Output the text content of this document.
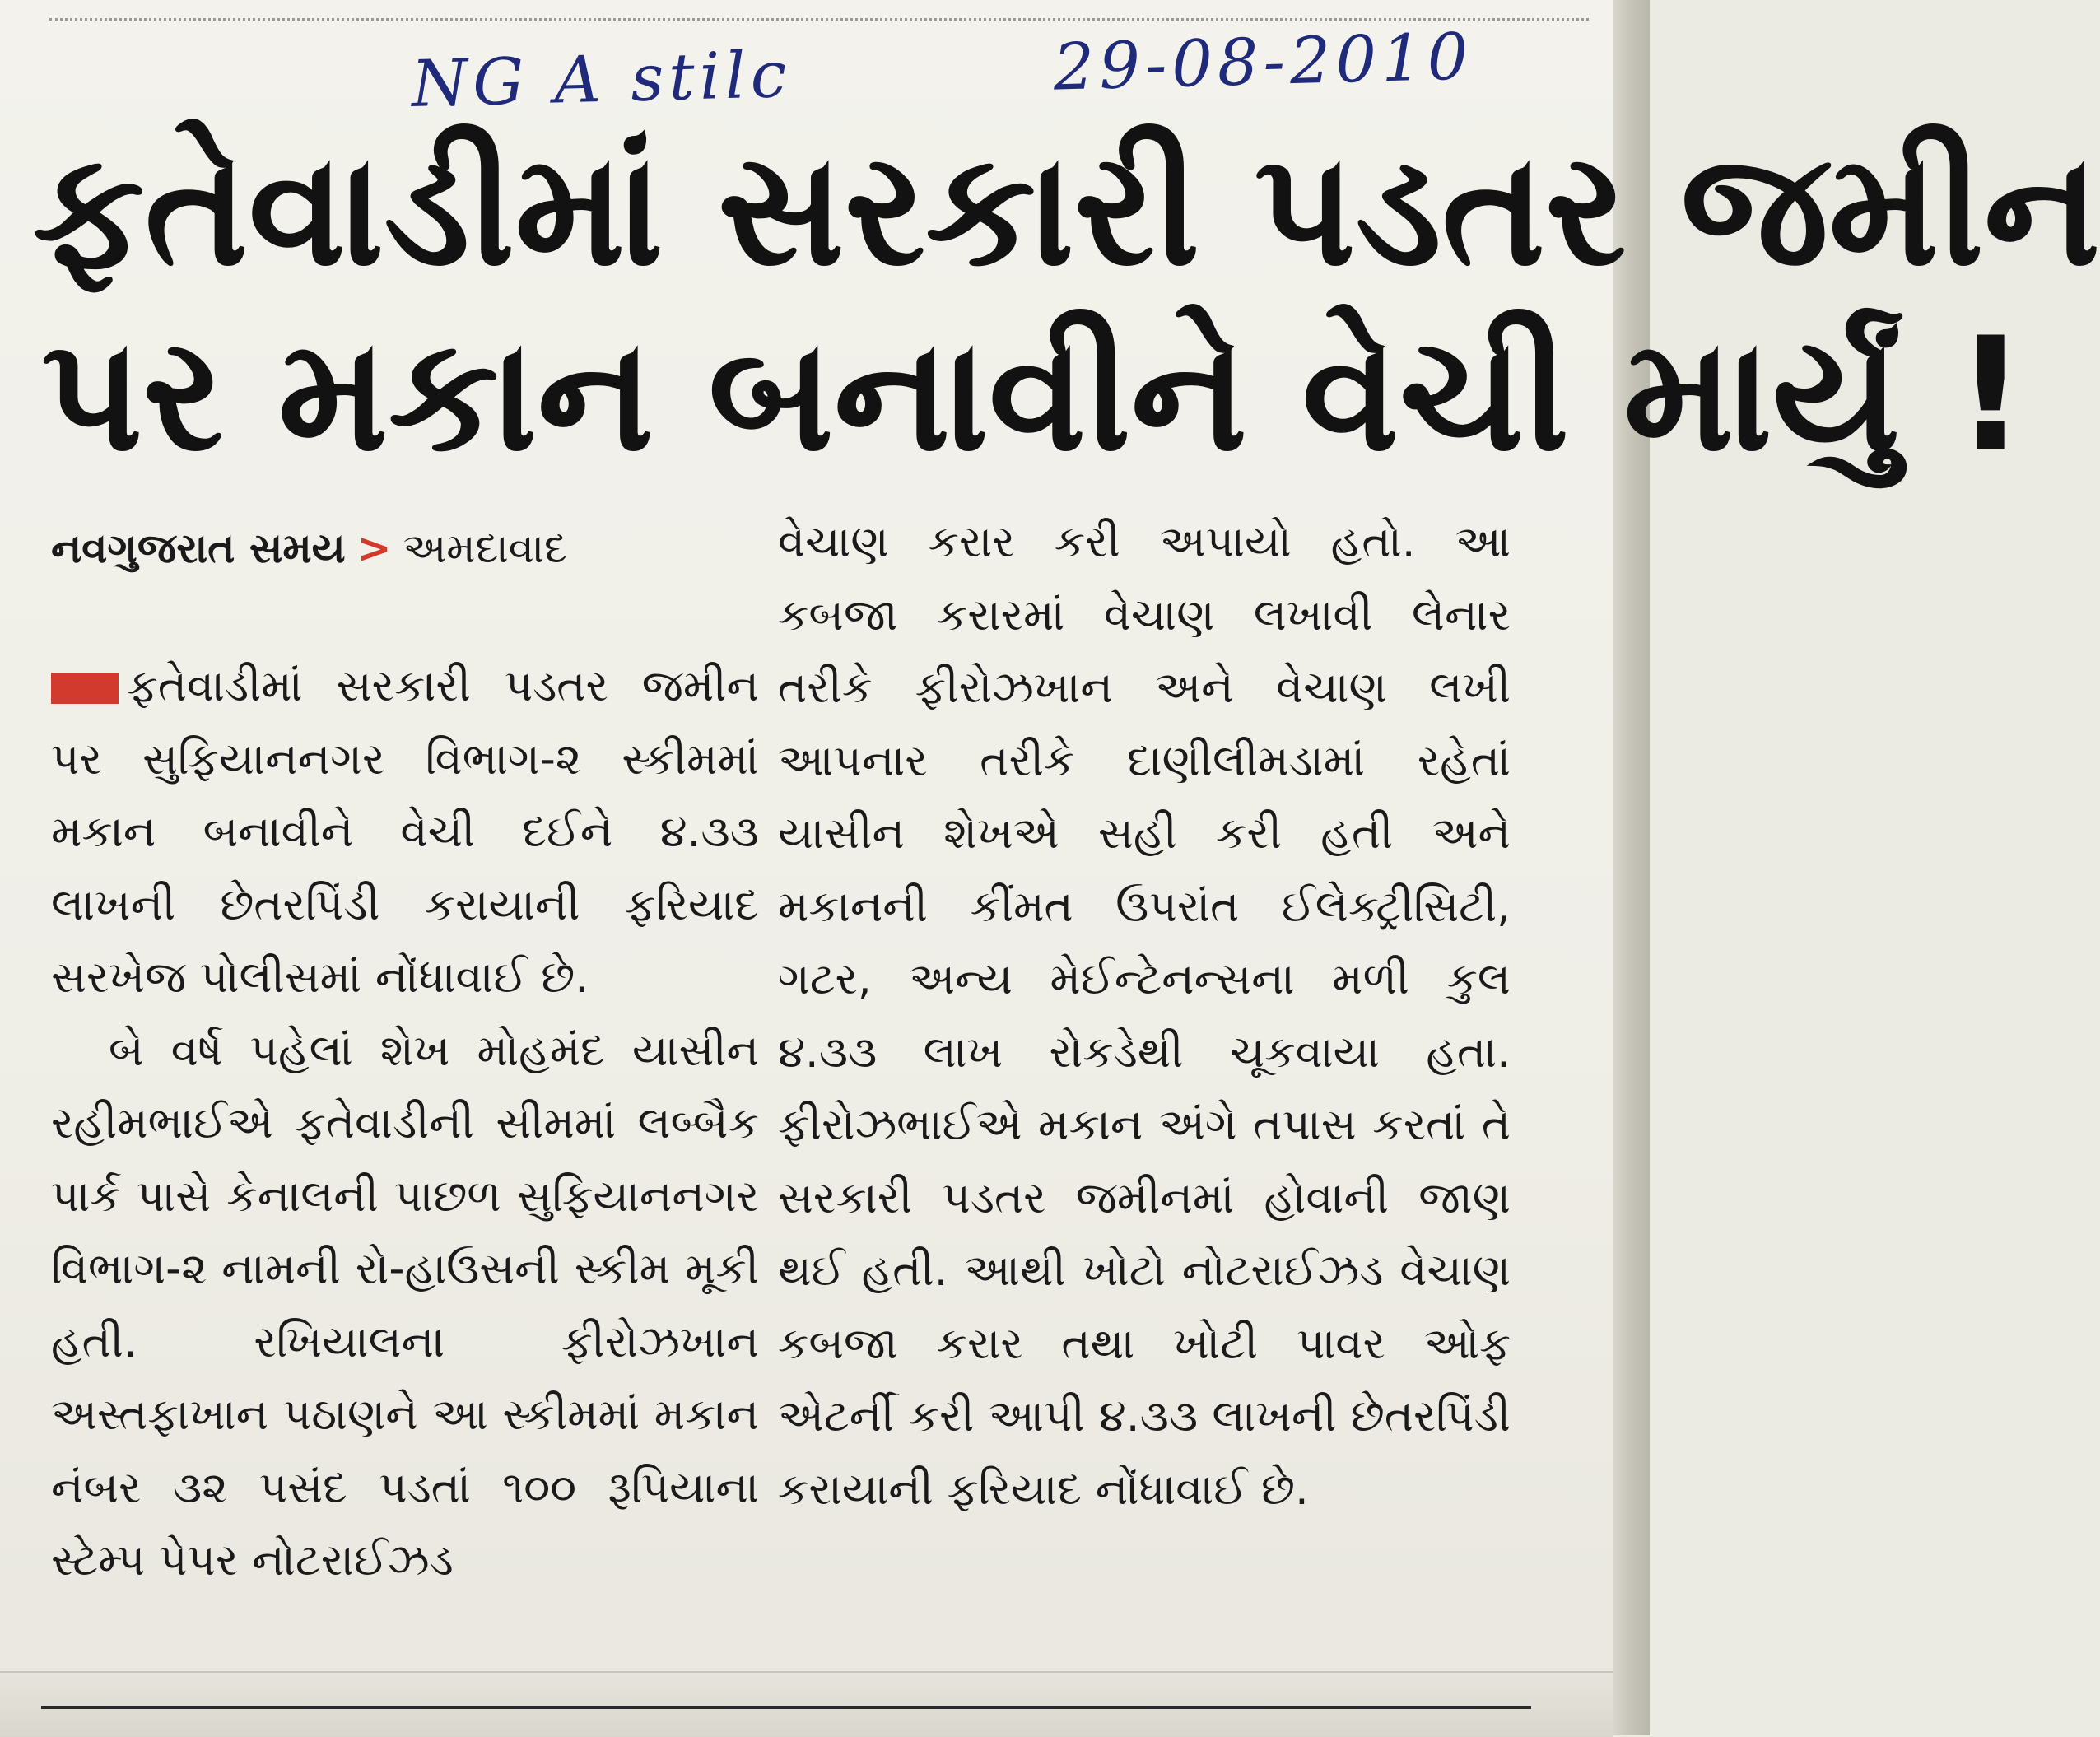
NG A stilc	29-08-2010
ફતેવાડીમાં સરકારી પડતર જમીન
પર મકાન બનાવીને વેચી માર્યું !
નવગુજરાત સમય > અમદાવાદ

ફતેવાડીમાં સરકારી પડતર જમીન પર સુફિયાનનગર વિભાગ-૨ સ્કીમમાં મકાન બનાવીને વેચી દઈને ૪.૩૩ લાખની છેતરપિંડી કરાયાની ફરિયાદ સરખેજ પોલીસમાં નોંધાવાઈ છે.

બે વર્ષ પહેલાં શેખ મોહમંદ યાસીન રહીમભાઈએ ફતેવાડીની સીમમાં લબ્બૈક પાર્ક પાસે કેનાલની પાછળ સુફિયાનનગર વિભાગ-૨ નામની રો-હાઉસની સ્કીમ મૂકી હતી. રખિયાલના ફીરોઝખાન અસ્તફાખાન પઠાણને આ સ્કીમમાં મકાન નંબર ૩૨ પસંદ પડતાં ૧૦૦ રૂપિયાના સ્ટેમ્પ પેપર નોટરાઈઝડ

વેચાણ કરાર કરી અપાયો હતો. આ કબજા કરારમાં વેચાણ લખાવી લેનાર તરીકે ફીરોઝખાન અને વેચાણ લખી આપનાર તરીકે દાણીલીમડામાં રહેતાં યાસીન શેખએ સહી કરી હતી અને મકાનની કીંમત ઉપરાંત ઈલેક્ટ્રીસિટી, ગટર, અન્ય મેઈન્ટેનન્સના મળી કુલ ૪.૩૩ લાખ રોકડેથી ચૂકવાયા હતા. ફીરોઝભાઈએ મકાન અંગે તપાસ કરતાં તે સરકારી પડતર જમીનમાં હોવાની જાણ થઈ હતી. આથી ખોટો નોટરાઈઝડ વેચાણ કબજા કરાર તથા ખોટી પાવર ઓફ એટર્ની કરી આપી ૪.૩૩ લાખની છેતરપિંડી કરાયાની ફરિયાદ નોંધાવાઈ છે.
